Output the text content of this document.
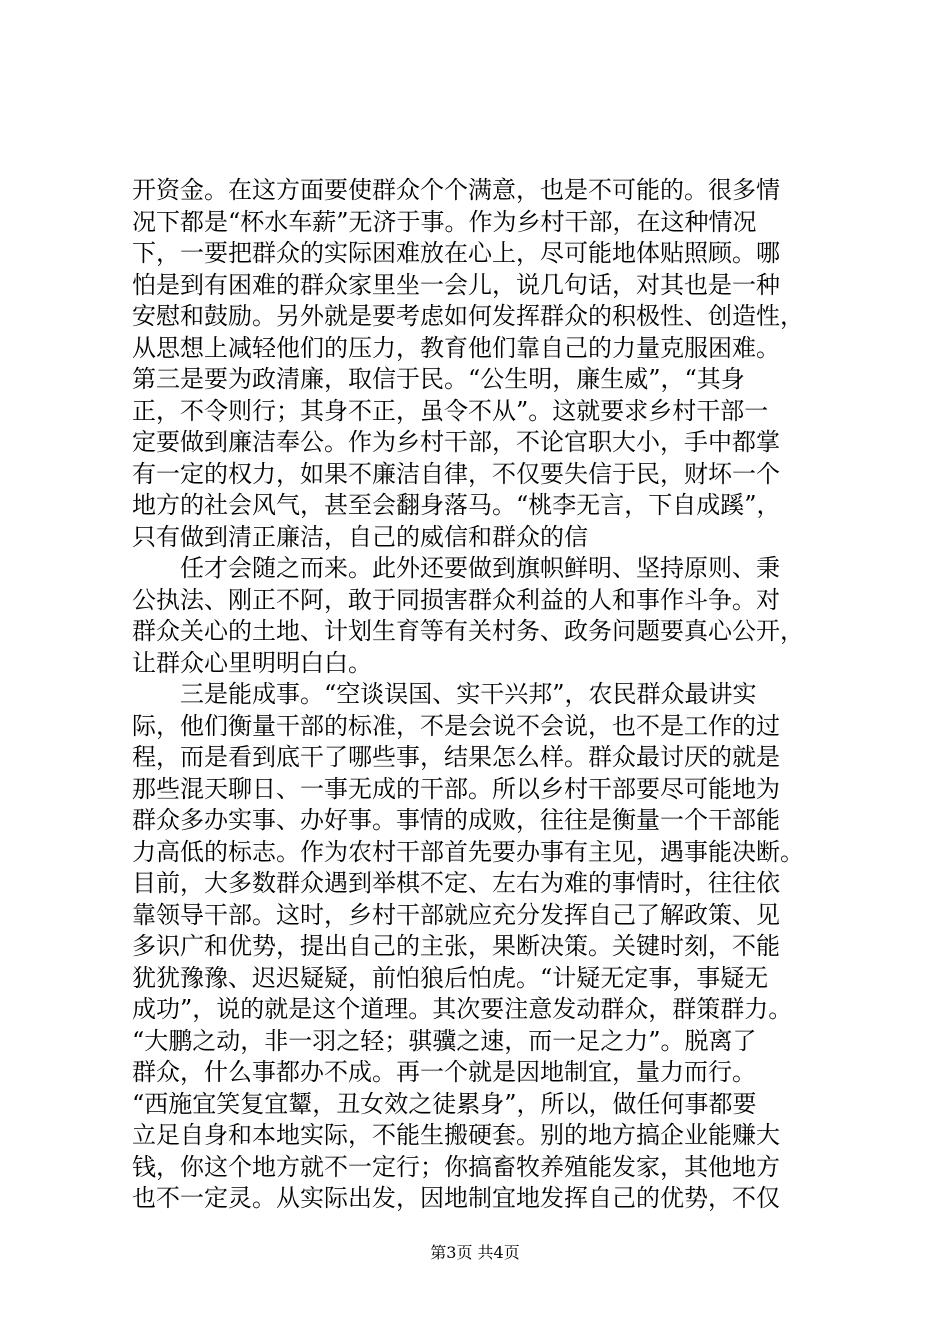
开资金。在这方面要使群众个个满意，也是不可能的。很多情
况下都是“杯水车薪”无济于事。作为乡村干部，在这种情况
下，一要把群众的实际困难放在心上，尽可能地体贴照顾。哪
怕是到有困难的群众家里坐一会儿，说几句话，对其也是一种
安慰和鼓励。另外就是要考虑如何发挥群众的积极性、创造性，
从思想上减轻他们的压力，教育他们靠自己的力量克服困难。
第三是要为政清廉，取信于民。“公生明，廉生威”，“其身
正，不令则行；其身不正，虽令不从”。这就要求乡村干部一
定要做到廉洁奉公。作为乡村干部，不论官职大小，手中都掌
有一定的权力，如果不廉洁自律，不仅要失信于民，财坏一个
地方的社会风气，甚至会翻身落马。“桃李无言，下自成蹊”，
只有做到清正廉洁，自己的威信和群众的信
　　任才会随之而来。此外还要做到旗帜鲜明、坚持原则、秉
公执法、刚正不阿，敢于同损害群众利益的人和事作斗争。对
群众关心的土地、计划生育等有关村务、政务问题要真心公开，
让群众心里明明白白。
　　三是能成事。“空谈误国、实干兴邦”，农民群众最讲实
际，他们衡量干部的标准，不是会说不会说，也不是工作的过
程，而是看到底干了哪些事，结果怎么样。群众最讨厌的就是
那些混天聊日、一事无成的干部。所以乡村干部要尽可能地为
群众多办实事、办好事。事情的成败，往往是衡量一个干部能
力高低的标志。作为农村干部首先要办事有主见，遇事能决断。
目前，大多数群众遇到举棋不定、左右为难的事情时，往往依
靠领导干部。这时，乡村干部就应充分发挥自己了解政策、见
多识广和优势，提出自己的主张，果断决策。关键时刻，不能
犹犹豫豫、迟迟疑疑，前怕狼后怕虎。“计疑无定事，事疑无
成功”，说的就是这个道理。其次要注意发动群众，群策群力。
“大鹏之动，非一羽之轻；骐骥之速，而一足之力”。脱离了
群众，什么事都办不成。再一个就是因地制宜，量力而行。
“西施宜笑复宜颦，丑女效之徒累身”，所以，做任何事都要
立足自身和本地实际，不能生搬硬套。别的地方搞企业能赚大
钱，你这个地方就不一定行；你搞畜牧养殖能发家，其他地方
也不一定灵。从实际出发，因地制宜地发挥自己的优势，不仅
第3页 共4页
